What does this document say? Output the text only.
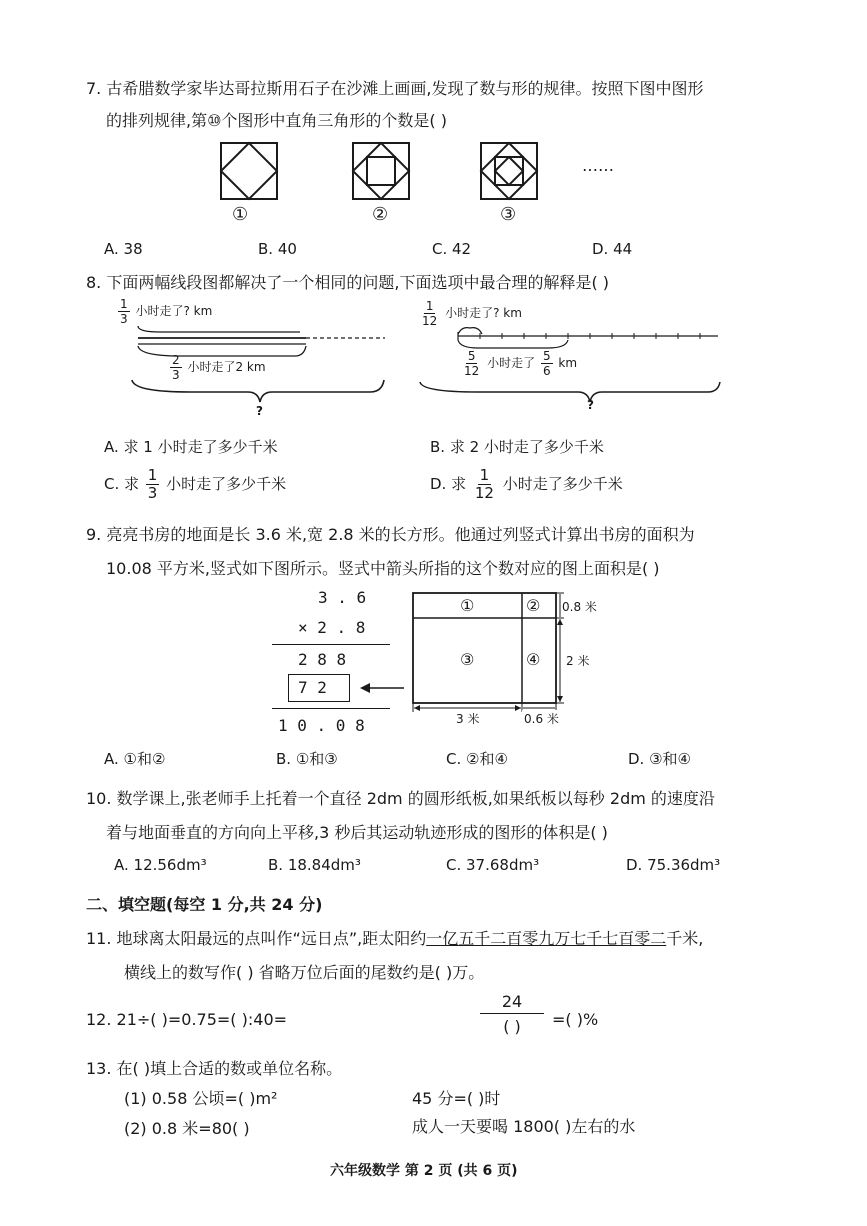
7. 古希腊数学家毕达哥拉斯用石子在沙滩上画画,发现了数与形的规律。按照下图中图形
的排列规律,第⑩个图形中直角三角形的个数是( )
……
①	②	③
A. 38	B. 40	C. 42	D. 44
8. 下面两幅线段图都解决了一个相同的问题,下面选项中最合理的解释是( )
$\frac{1}{3}$ 小时走了? km
$\frac{2}{3}$ 小时走了2 km
?
$\frac{1}{12}$ 小时走了? km
$\frac{5}{12}$ 小时走了 $\frac{5}{6}$ km
?
A. 求 1 小时走了多少千米	B. 求 2 小时走了多少千米
C. 求 $\frac{1}{3}$ 小时走了多少千米	D. 求 $\frac{1}{12}$ 小时走了多少千米
9. 亮亮书房的地面是长 3.6 米,宽 2.8 米的长方形。他通过列竖式计算出书房的面积为
10.08 平方米,竖式如下图所示。竖式中箭头所指的这个数对应的图上面积是( )
3 . 6
× 2 . 8
2 8 8
7 2
1 0 . 0 8
①	②
③	④
0.8 米
2 米
3 米	0.6 米
A. ①和②	B. ①和③	C. ②和④	D. ③和④
10. 数学课上,张老师手上托着一个直径 2dm 的圆形纸板,如果纸板以每秒 2dm 的速度沿
着与地面垂直的方向向上平移,3 秒后其运动轨迹形成的图形的体积是( )
A. 12.56dm³	B. 18.84dm³	C. 37.68dm³	D. 75.36dm³
二、填空题(每空 1 分,共 24 分)
11. 地球离太阳最远的点叫作“远日点”,距太阳约一亿五千二百零九万七千七百零二千米,
横线上的数写作( ) 省略万位后面的尾数约是( )万。
12. 21÷( )=0.75=( ):40=
24
( )	=( )%
13. 在( )填上合适的数或单位名称。
(1) 0.58 公顷=( )m²	45 分=( )时
(2) 0.8 米=80( )	成人一天要喝 1800( )左右的水
六年级数学 第 2 页 (共 6 页)
